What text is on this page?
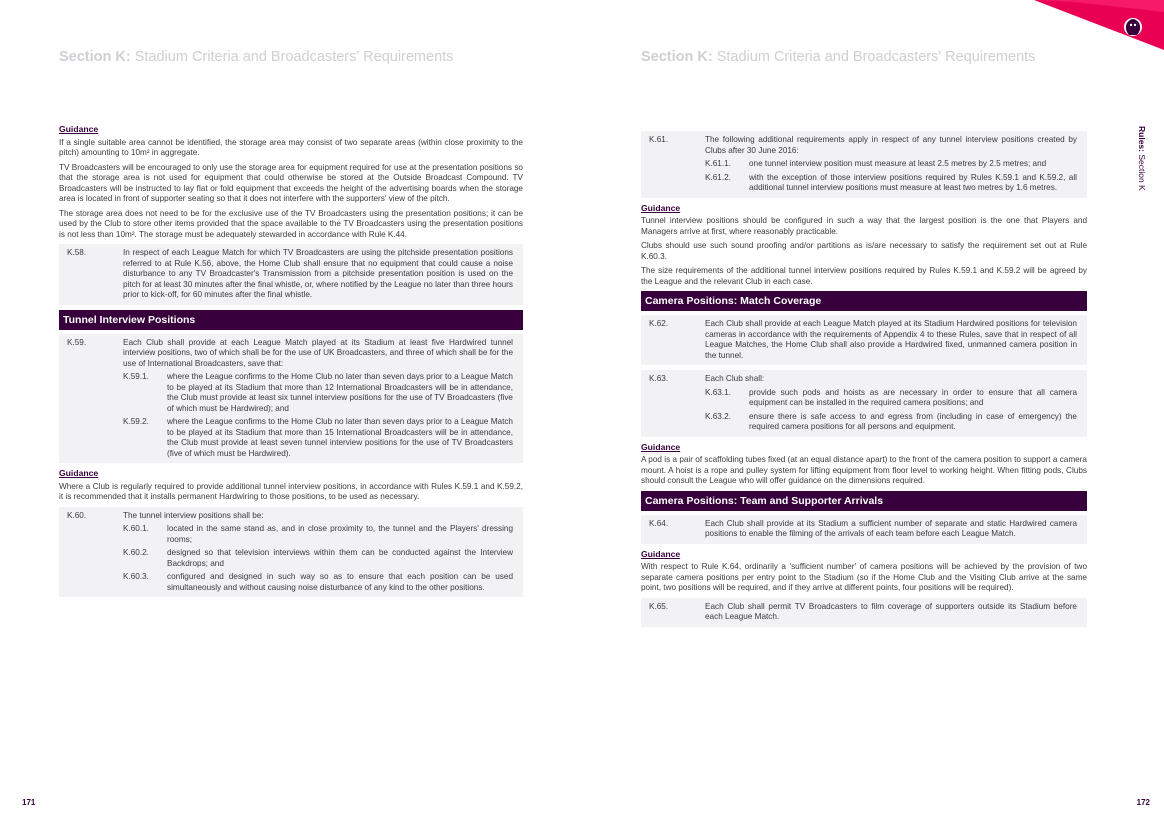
Section K: Stadium Criteria and Broadcasters' Requirements
Guidance

If a single suitable area cannot be identified, the storage area may consist of two separate areas (within close proximity to the pitch) amounting to 10m² in aggregate.

TV Broadcasters will be encouraged to only use the storage area for equipment required for use at the presentation positions so that the storage area is not used for equipment that could otherwise be stored at the Outside Broadcast Compound. TV Broadcasters will be instructed to lay flat or fold equipment that exceeds the height of the advertising boards when the storage area is located in front of supporter seating so that it does not interfere with the supporters' view of the pitch.

The storage area does not need to be for the exclusive use of the TV Broadcasters using the presentation positions; it can be used by the Club to store other items provided that the space available to the TV Broadcasters using the presentation positions is not less than 10m². The storage must be adequately stewarded in accordance with Rule K.44.

K.58.	In respect of each League Match for which TV Broadcasters are using the pitchside presentation positions referred to at Rule K.56, above, the Home Club shall ensure that no equipment that could cause a noise disturbance to any TV Broadcaster's Transmission from a pitchside presentation position is used on the pitch for at least 30 minutes after the final whistle, or, where notified by the League no later than three hours prior to kick-off, for 60 minutes after the final whistle.
Tunnel Interview Positions
K.59.	Each Club shall provide at each League Match played at its Stadium at least five Hardwired tunnel interview positions, two of which shall be for the use of UK Broadcasters, and three of which shall be for the use of International Broadcasters, save that:
K.59.1.	where the League confirms to the Home Club no later than seven days prior to a League Match to be played at its Stadium that more than 12 International Broadcasters will be in attendance, the Club must provide at least six tunnel interview positions for the use of TV Broadcasters (five of which must be Hardwired); and
K.59.2.	where the League confirms to the Home Club no later than seven days prior to a League Match to be played at its Stadium that more than 15 International Broadcasters will be in attendance, the Club must provide at least seven tunnel interview positions for the use of TV Broadcasters (five of which must be Hardwired).
Guidance

Where a Club is regularly required to provide additional tunnel interview positions, in accordance with Rules K.59.1 and K.59.2, it is recommended that it installs permanent Hardwiring to those positions, to be used as necessary.

K.60.	The tunnel interview positions shall be:
K.60.1.	located in the same stand as, and in close proximity to, the tunnel and the Players' dressing rooms;
K.60.2.	designed so that television interviews within them can be conducted against the Interview Backdrops; and
K.60.3.	configured and designed in such way so as to ensure that each position can be used simultaneously and without causing noise disturbance of any kind to the other positions.
171
Section K: Stadium Criteria and Broadcasters' Requirements
K.61.	The following additional requirements apply in respect of any tunnel interview positions created by Clubs after 30 June 2016:
K.61.1.	one tunnel interview position must measure at least 2.5 metres by 2.5 metres; and
K.61.2.	with the exception of those interview positions required by Rules K.59.1 and K.59.2, all additional tunnel interview positions must measure at least two metres by 1.6 metres.
Guidance

Tunnel interview positions should be configured in such a way that the largest position is the one that Players and Managers arrive at first, where reasonably practicable.

Clubs should use such sound proofing and/or partitions as is/are necessary to satisfy the requirement set out at Rule K.60.3.

The size requirements of the additional tunnel interview positions required by Rules K.59.1 and K.59.2 will be agreed by the League and the relevant Club in each case.

Camera Positions: Match Coverage
K.62.	Each Club shall provide at each League Match played at its Stadium Hardwired positions for television cameras in accordance with the requirements of Appendix 4 to these Rules, save that in respect of all League Matches, the Home Club shall also provide a Hardwired fixed, unmanned camera position in the tunnel.
K.63.	Each Club shall:
K.63.1.	provide such pods and hoists as are necessary in order to ensure that all camera equipment can be installed in the required camera positions; and
K.63.2.	ensure there is safe access to and egress from (including in case of emergency) the required camera positions for all persons and equipment.
Guidance

A pod is a pair of scaffolding tubes fixed (at an equal distance apart) to the front of the camera position to support a camera mount. A hoist is a rope and pulley system for lifting equipment from floor level to working height. When fitting pods, Clubs should consult the League who will offer guidance on the dimensions required.

Camera Positions: Team and Supporter Arrivals
K.64.	Each Club shall provide at its Stadium a sufficient number of separate and static Hardwired camera positions to enable the filming of the arrivals of each team before each League Match.
Guidance

With respect to Rule K.64, ordinarily a 'sufficient number' of camera positions will be achieved by the provision of two separate camera positions per entry point to the Stadium (so if the Home Club and the Visiting Club arrive at the same point, two positions will be required, and if they arrive at different points, four positions will be required).

K.65.	Each Club shall permit TV Broadcasters to film coverage of supporters outside its Stadium before each League Match.
Rules: Section K
172
